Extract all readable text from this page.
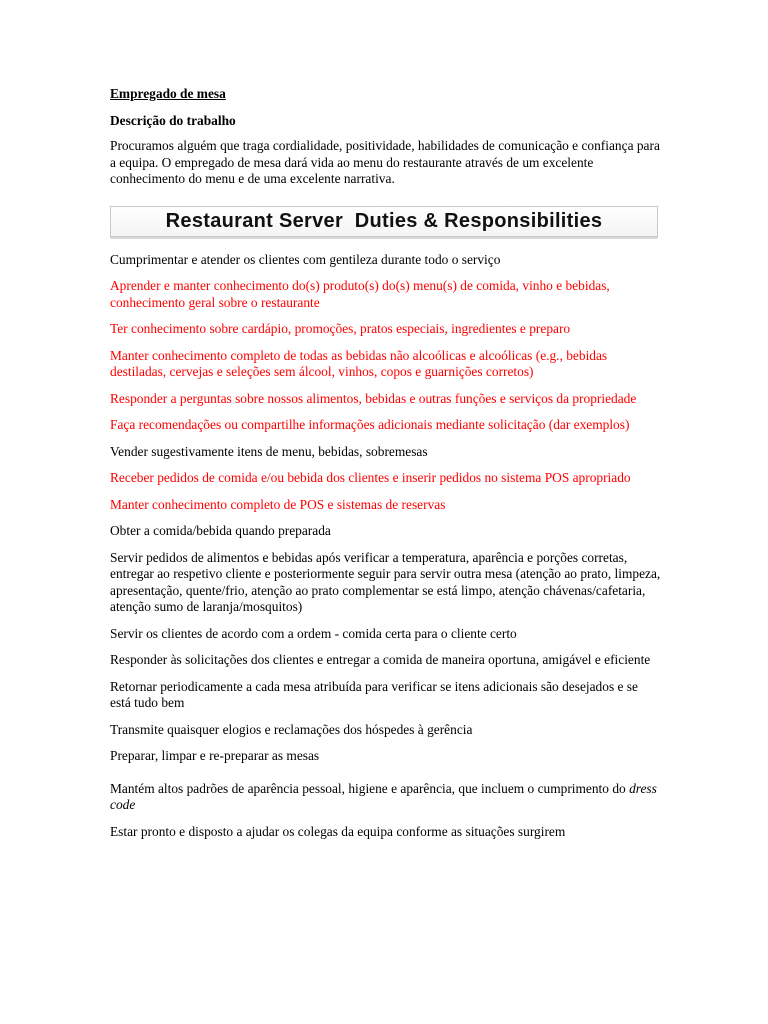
Empregado de mesa

Descrição do trabalho

Procuramos alguém que traga cordialidade, positividade, habilidades de comunicação e confiança para a equipa. O empregado de mesa dará vida ao menu do restaurante através de um excelente conhecimento do menu e de uma excelente narrativa.

Restaurant Server  Duties & Responsibilities
Cumprimentar e atender os clientes com gentileza durante todo o serviço
Aprender e manter conhecimento do(s) produto(s) do(s) menu(s) de comida, vinho e bebidas, conhecimento geral sobre o restaurante
Ter conhecimento sobre cardápio, promoções, pratos especiais, ingredientes e preparo
Manter conhecimento completo de todas as bebidas não alcoólicas e alcoólicas (e.g., bebidas destiladas, cervejas e seleções sem álcool, vinhos, copos e guarnições corretos)
Responder a perguntas sobre nossos alimentos, bebidas e outras funções e serviços da propriedade
Faça recomendações ou compartilhe informações adicionais mediante solicitação (dar exemplos)
Vender sugestivamente itens de menu, bebidas, sobremesas
Receber pedidos de comida e/ou bebida dos clientes e inserir pedidos no sistema POS apropriado
Manter conhecimento completo de POS e sistemas de reservas
Obter a comida/bebida quando preparada
Servir pedidos de alimentos e bebidas após verificar a temperatura, aparência e porções corretas, entregar ao respetivo cliente e posteriormente seguir para servir outra mesa (atenção ao prato, limpeza, apresentação, quente/frio, atenção ao prato complementar se está limpo, atenção chávenas/cafetaria, atenção sumo de laranja/mosquitos)
Servir os clientes de acordo com a ordem - comida certa para o cliente certo
Responder às solicitações dos clientes e entregar a comida de maneira oportuna, amigável e eficiente
Retornar periodicamente a cada mesa atribuída para verificar se itens adicionais são desejados e se está tudo bem
Transmite quaisquer elogios e reclamações dos hóspedes à gerência
Preparar, limpar e re-preparar as mesas
Mantém altos padrões de aparência pessoal, higiene e aparência, que incluem o cumprimento do dress code
Estar pronto e disposto a ajudar os colegas da equipa conforme as situações surgirem
